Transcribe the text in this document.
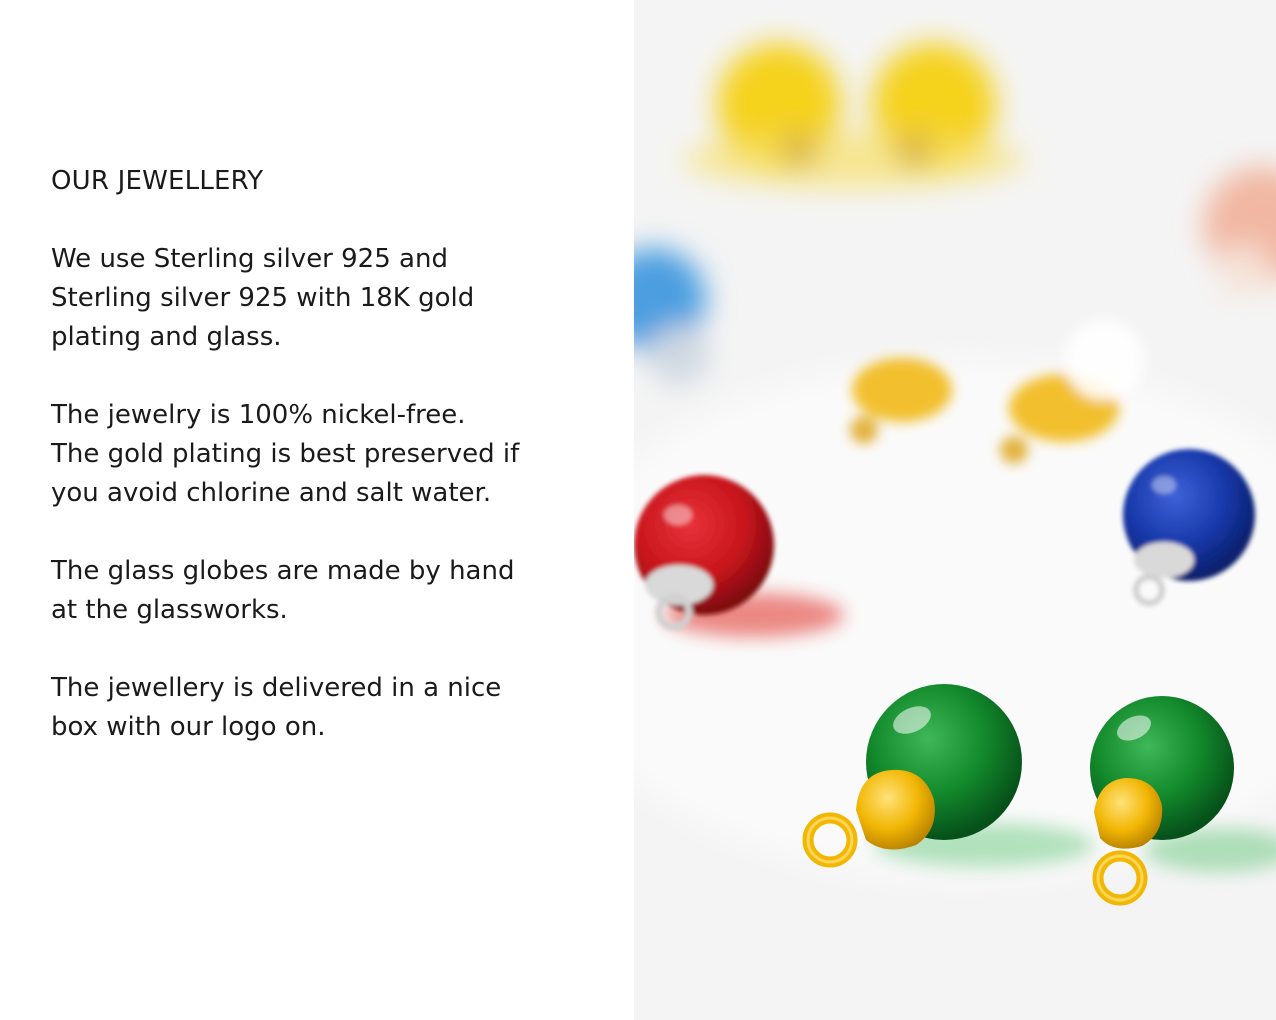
OUR JEWELLERY

We use Sterling silver 925 and
Sterling silver 925 with 18K gold
plating and glass.

The jewelry is 100% nickel-free.
The gold plating is best preserved if
you avoid chlorine and salt water.

The glass globes are made by hand
at the glassworks.

The jewellery is delivered in a nice
box with our logo on.
